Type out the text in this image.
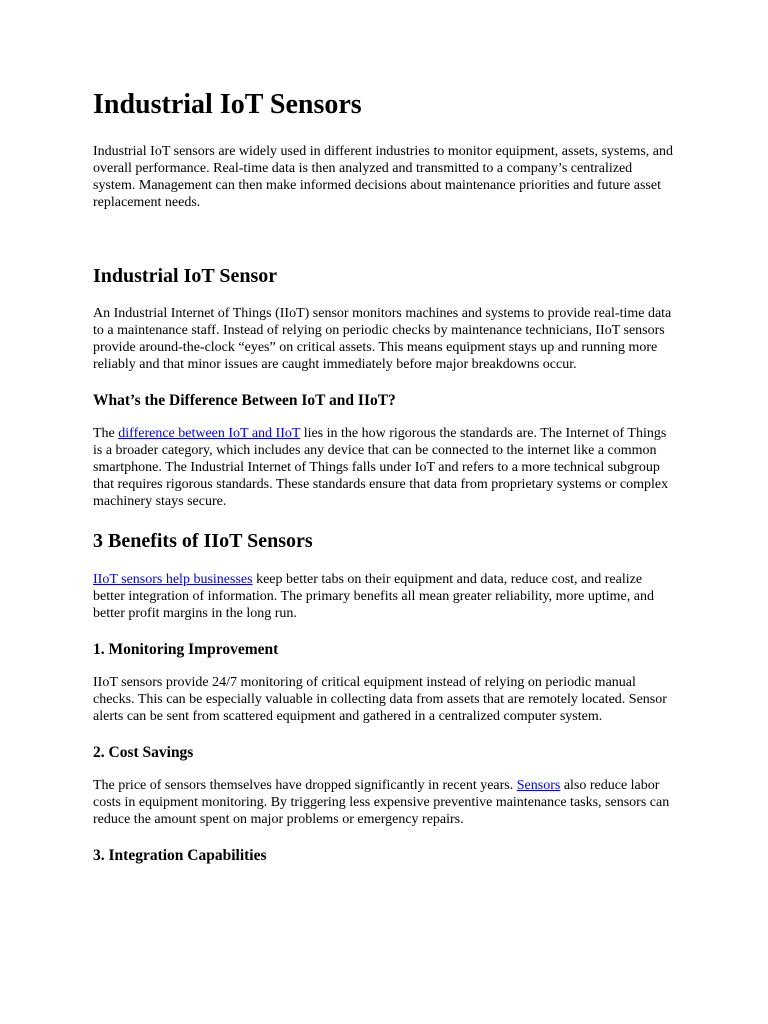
Industrial IoT Sensors

Industrial IoT sensors are widely used in different industries to monitor equipment, assets, systems, and overall performance. Real-time data is then analyzed and transmitted to a company’s centralized system. Management can then make informed decisions about maintenance priorities and future asset replacement needs.

Industrial IoT Sensor

An Industrial Internet of Things (IIoT) sensor monitors machines and systems to provide real-time data to a maintenance staff. Instead of relying on periodic checks by maintenance technicians, IIoT sensors provide around-the-clock “eyes” on critical assets. This means equipment stays up and running more reliably and that minor issues are caught immediately before major breakdowns occur.

What’s the Difference Between IoT and IIoT?

The difference between IoT and IIoT lies in the how rigorous the standards are. The Internet of Things is a broader category, which includes any device that can be connected to the internet like a common smartphone. The Industrial Internet of Things falls under IoT and refers to a more technical subgroup that requires rigorous standards. These standards ensure that data from proprietary systems or complex machinery stays secure.

3 Benefits of IIoT Sensors

IIoT sensors help businesses keep better tabs on their equipment and data, reduce cost, and realize better integration of information. The primary benefits all mean greater reliability, more uptime, and better profit margins in the long run.

1. Monitoring Improvement

IIoT sensors provide 24/7 monitoring of critical equipment instead of relying on periodic manual checks. This can be especially valuable in collecting data from assets that are remotely located. Sensor alerts can be sent from scattered equipment and gathered in a centralized computer system.

2. Cost Savings

The price of sensors themselves have dropped significantly in recent years. Sensors also reduce labor costs in equipment monitoring. By triggering less expensive preventive maintenance tasks, sensors can reduce the amount spent on major problems or emergency repairs.

3. Integration Capabilities
